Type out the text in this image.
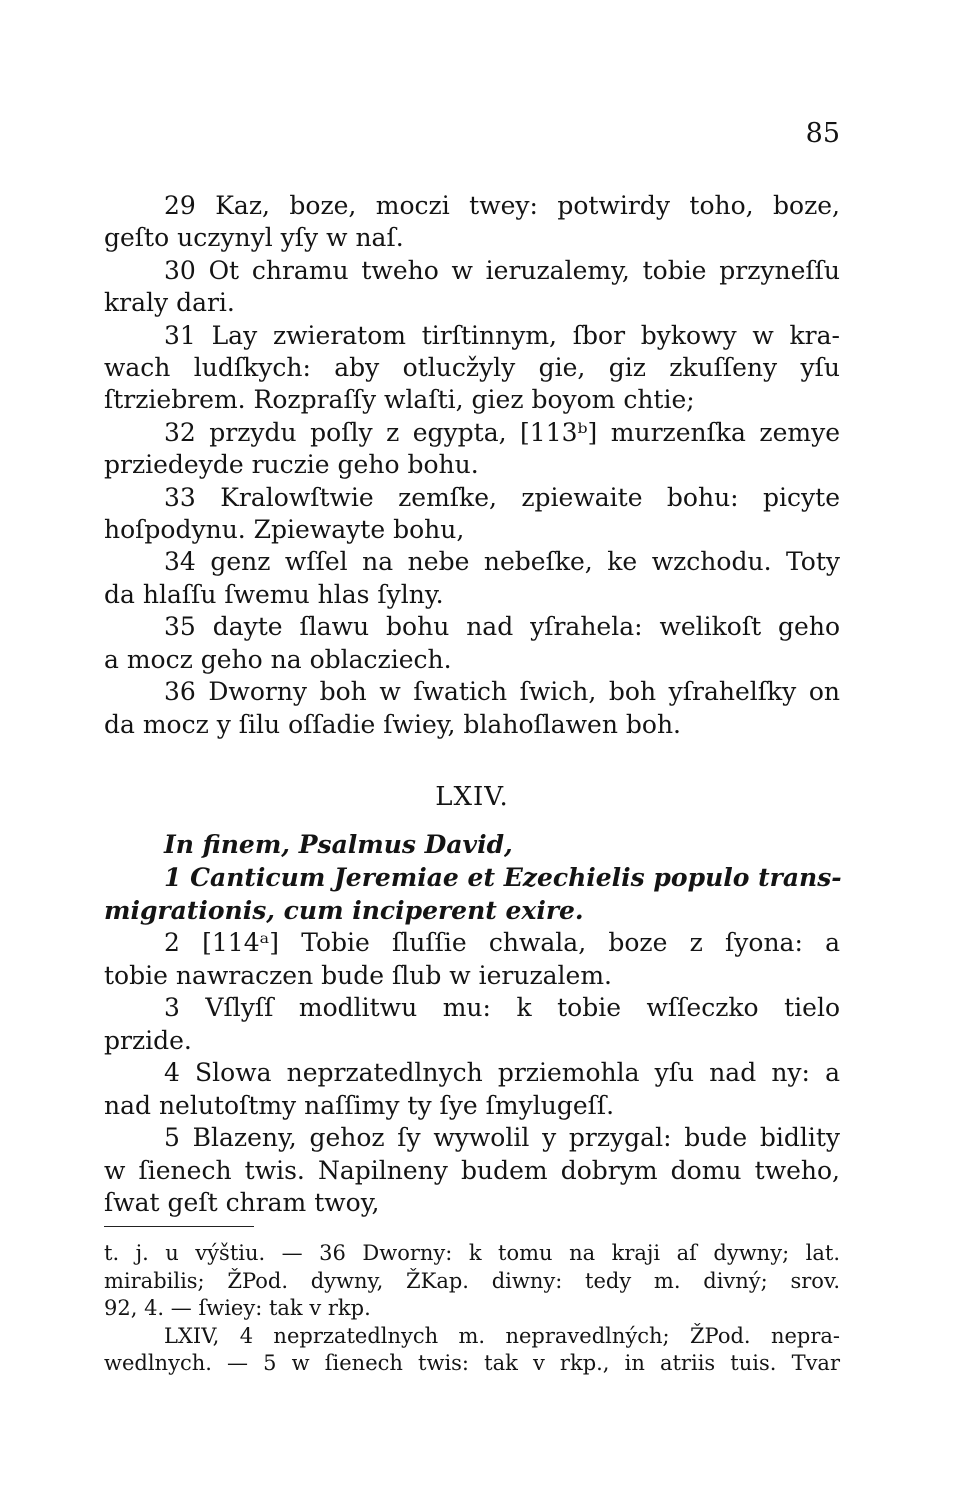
85
29 Kaz, boze, moczi twey: potwirdy toho, boze,
geſto uczynyl yſy w naſ.
30 Ot chramu tweho w ieruzalemy, tobie przyneſſu
kraly dari.
31 Lay zwieratom tirſtinnym, ſbor bykowy w kra-
wach ludſkych: aby otlucžyly gie, giz zkuſſeny yſu
ſtrziebrem. Rozpraſſy wlaſti, giez boyom chtie;
32 przydu poſly z egypta, [113ᵇ] murzenſka zemye
prziedeyde ruczie geho bohu.
33 Kralowſtwie zemſke, zpiewaite bohu: picyte
hoſpodynu. Zpiewayte bohu,
34 genz wſſel na nebe nebeſke, ke wzchodu. Toty
da hlaſſu ſwemu hlas ſylny.
35 dayte ſlawu bohu nad yſrahela: welikoſt geho
a mocz geho na oblacziech.
36 Dworny boh w ſwatich ſwich, boh yſrahelſky on
da mocz y ſilu oſſadie ſwiey, blahoſlawen boh.
LXIV.
In finem, Psalmus David,
1 Canticum Jeremiae et Ezechielis populo trans-
migrationis, cum inciperent exire.
2 [114ᵃ] Tobie ſluſſie chwala, boze z ſyona: a
tobie nawraczen bude ſlub w ieruzalem.
3 Vſlyſſ modlitwu mu: k tobie wſſeczko tielo
przide.
4 Slowa neprzatedlnych prziemohla yſu nad ny: a
nad nelutoſtmy naſſimy ty ſye ſmylugeſſ.
5 Blazeny, gehoz ſy wywolil y przygal: bude bidlity
w ſienech twis. Napilneny budem dobrym domu tweho,
ſwat geſt chram twoy,
t. j. u výštiu. — 36 Dworny: k tomu na kraji aſ dywny; lat.
mirabilis; ŽPod. dywny, ŽKap. diwny: tedy m. divný; srov.
92, 4. — ſwiey: tak v rkp.
LXIV, 4 neprzatedlnych m. nepravedlných; ŽPod. nepra-
wedlnych. — 5 w ſienech twis: tak v rkp., in atriis tuis. Tvar
